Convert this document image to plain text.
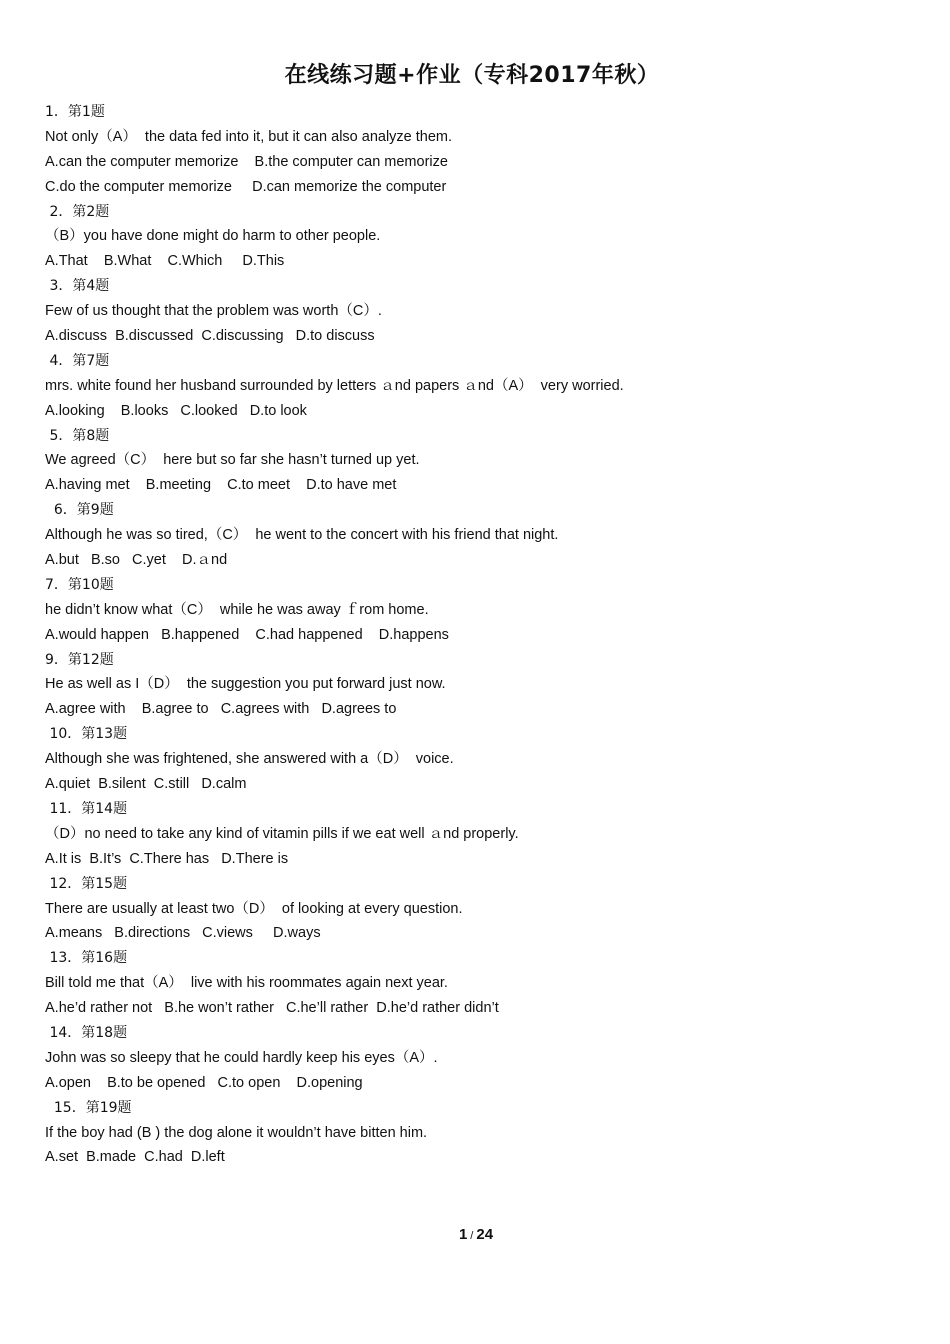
在线练习题+作业（专科2017年秋）
1．第1题
Not only（A）  the data fed into it, but it can also analyze them.
A.can the computer memorize    B.the computer can memorize
C.do the computer memorize     D.can memorize the computer
2．第2题
（B）you have done might do harm to other people.
A.That    B.What    C.Which     D.This
3．第4题
Few of us thought that the problem was worth（C）.
A.discuss  B.discussed  C.discussing   D.to discuss
4．第7题
mrs. white found her husband surrounded by letters ａnd papers ａnd（A）  very worried.
A.looking    B.looks   C.looked   D.to look
5．第8题
We agreed（C）  here but so far she hasn’t turned up yet.
A.having met    B.meeting    C.to meet    D.to have met
6．第9题
Although he was so tired,（C）  he went to the concert with his friend that night.
A.but   B.so   C.yet    D.ａnd
7．第10题
he didn’t know what（C）  while he was away ｆrom home.
A.would happen   B.happened    C.had happened    D.happens
9．第12题
He as well as I（D）  the suggestion you put forward just now.
A.agree with    B.agree to   C.agrees with   D.agrees to
10．第13题
Although she was frightened, she answered with a（D）  voice.
A.quiet  B.silent  C.still   D.calm
11．第14题
（D）no need to take any kind of vitamin pills if we eat well ａnd properly.
A.It is  B.It’s  C.There has   D.There is
12．第15题
There are usually at least two（D）  of looking at every question.
A.means   B.directions   C.views     D.ways
13．第16题
Bill told me that（A）  live with his roommates again next year.
A.he’d rather not   B.he won’t rather   C.he’ll rather  D.he’d rather didn’t
14．第18题
John was so sleepy that he could hardly keep his eyes（A）.
A.open    B.to be opened   C.to open    D.opening
15．第19题
If the boy had (B ) the dog alone it wouldn’t have bitten him.
A.set  B.made  C.had  D.left
1 / 24
